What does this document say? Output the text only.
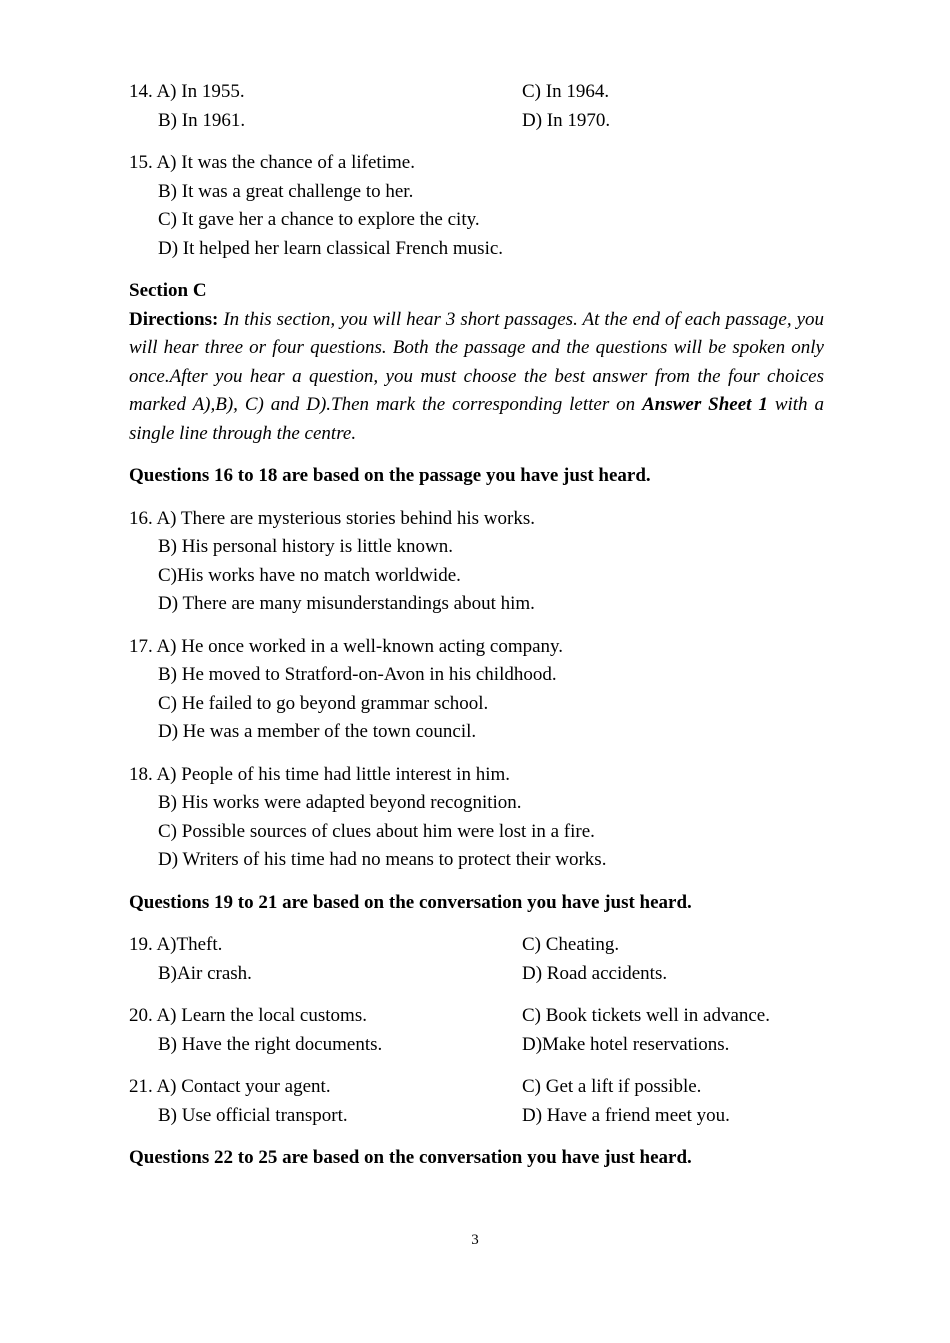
14. A) In 1955.	C) In 1964.
B) In 1961.	D) In 1970.
15. A) It was the chance of a lifetime.
B) It was a great challenge to her.
C) It gave her a chance to explore the city.
D) It helped her learn classical French music.
Section C
Directions: In this section, you will hear 3 short passages. At the end of each passage, you will hear three or four questions. Both the passage and the questions will be spoken only once.After you hear a question, you must choose the best answer from the four choices marked A),B), C) and D).Then mark the corresponding letter on Answer Sheet 1 with a single line through the centre.
Questions 16 to 18 are based on the passage you have just heard.
16. A) There are mysterious stories behind his works.
B) His personal history is little known.
C)His works have no match worldwide.
D) There are many misunderstandings about him.
17. A) He once worked in a well-known acting company.
B) He moved to Stratford-on-Avon in his childhood.
C) He failed to go beyond grammar school.
D) He was a member of the town council.
18. A) People of his time had little interest in him.
B) His works were adapted beyond recognition.
C) Possible sources of clues about him were lost in a fire.
D) Writers of his time had no means to protect their works.
Questions 19 to 21 are based on the conversation you have just heard.
19. A)Theft.	C) Cheating.
B)Air crash.	D) Road accidents.
20. A) Learn the local customs.	C) Book tickets well in advance.
B) Have the right documents.	D)Make hotel reservations.
21. A) Contact your agent.	C) Get a lift if possible.
B) Use official transport.	D) Have a friend meet you.
Questions 22 to 25 are based on the conversation you have just heard.
3
